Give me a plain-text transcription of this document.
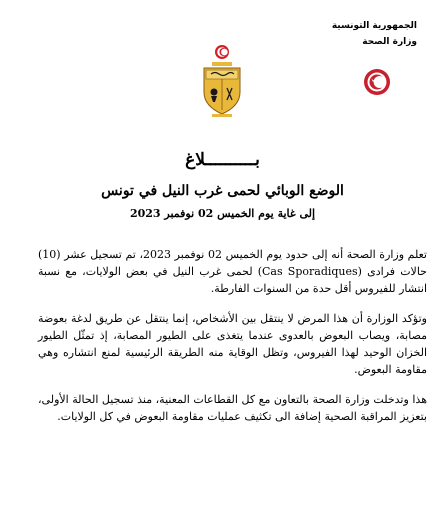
الجمهورية التونسية
وزارة الصحة
بــــــــــلاغ
الوضع الوبائي لحمى غرب النيل في تونس
إلى غاية يوم الخميس 02 نوفمبر 2023

تعلم وزارة الصحة أنه إلى حدود يوم الخميس 02 نوفمبر 2023، تم تسجيل عشر (10) حالات فرادى (Cas Sporadiques) لحمى غرب النيل في بعض الولايات، مع نسبة انتشار للفيروس أقل حدة من السنوات الفارطة.

وتؤكد الوزارة أن هذا المرض لا ينتقل بين الأشخاص، إنما ينتقل عن طريق لدغة بعوضة مصابة، ويصاب البعوض بالعدوى عندما يتغذى على الطيور المصابة، إذ تمثّل الطيور الخزان الوحيد لهذا الفيروس، وتظل الوقاية منه الطريقة الرئيسية لمنع انتشاره وهي مقاومة البعوض.

هذا وتدخلت وزارة الصحة بالتعاون مع كل القطاعات المعنية، منذ تسجيل الحالة الأولى، بتعزيز المراقبة الصحية إضافة الى تكثيف عمليات مقاومة البعوض في كل الولايات.
